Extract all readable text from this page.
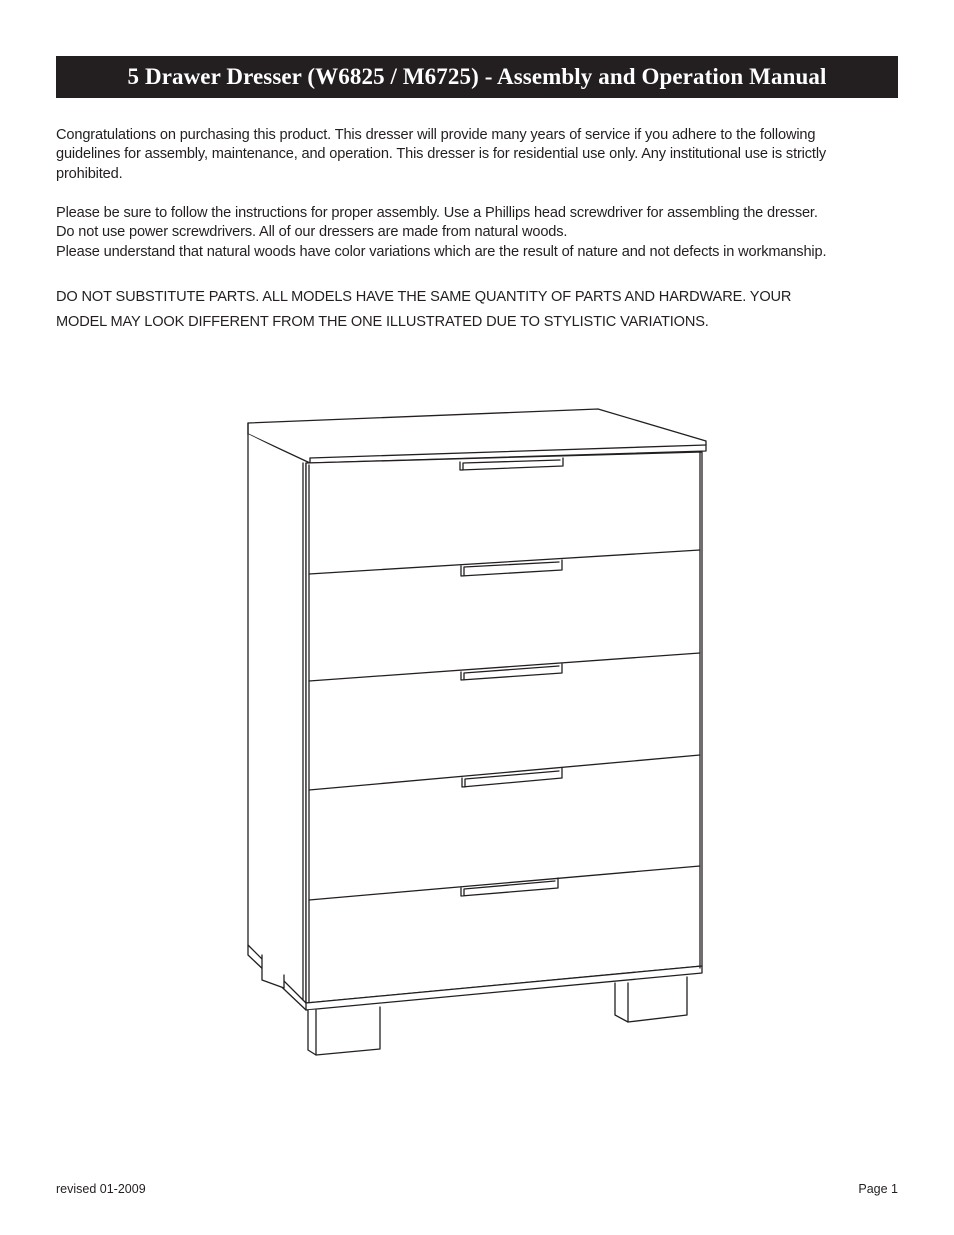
5 Drawer Dresser (W6825 / M6725) - Assembly and Operation Manual
Congratulations on purchasing this product. This dresser will provide many years of service if you adhere to the following
guidelines for assembly, maintenance, and operation. This dresser is for residential use only. Any institutional use is strictly
prohibited.
Please be sure to follow the instructions for proper assembly. Use a Phillips head screwdriver for assembling the dresser.
Do not use power screwdrivers. All of our dressers are made from natural woods.
Please understand that natural woods have color variations which are the result of nature and not defects in workmanship.
DO NOT SUBSTITUTE PARTS. ALL MODELS HAVE THE SAME QUANTITY OF PARTS AND HARDWARE. YOUR
MODEL MAY LOOK DIFFERENT FROM THE ONE ILLUSTRATED DUE TO STYLISTIC VARIATIONS.
revised 01-2009	Page 1
